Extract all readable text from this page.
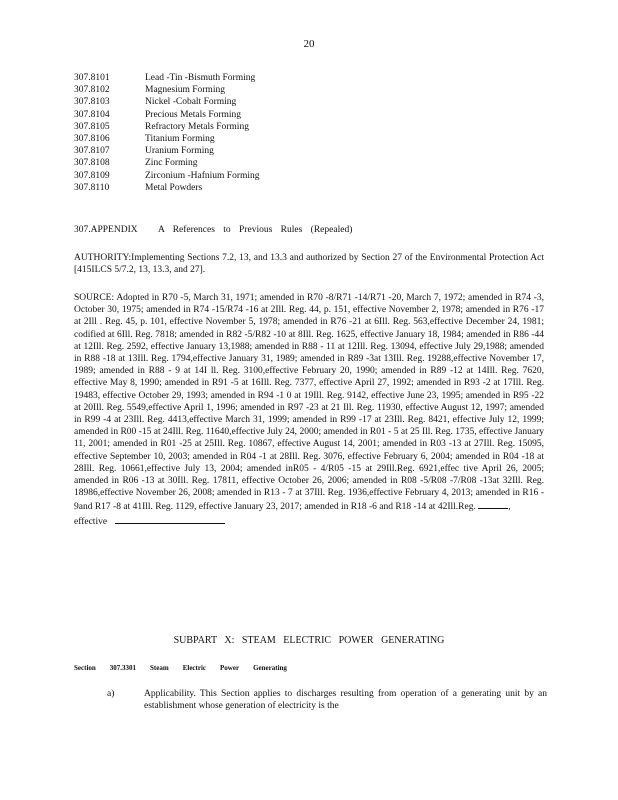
20
307.8101	Lead -Tin -Bismuth Forming
307.8102	Magnesium Forming
307.8103	Nickel -Cobalt Forming
307.8104	Precious Metals Forming
307.8105	Refractory Metals Forming
307.8106	Titanium Forming
307.8107	Uranium Forming
307.8108	Zinc Forming
307.8109	Zirconium -Hafnium Forming
307.8110	Metal Powders
307.APPENDIX	A References to Previous Rules (Repealed)
AUTHORITY:Implementing Sections 7.2, 13, and 13.3 and authorized by Section 27 of the Environmental Protection Act [415ILCS 5/7.2, 13, 13.3, and 27].
SOURCE: Adopted in R70 -5, March 31, 1971; amended in R70 -8/R71 -14/R71 -20, March 7, 1972; amended in R74 -3, October 30, 1975; amended in R74 -15/R74 -16 at 2Ill. Reg. 44, p. 151, effective November 2, 1978; amended in R76 -17 at 2Ill . Reg. 45, p. 101, effective November 5, 1978; amended in R76 -21 at 6Ill. Reg. 563,effective December 24, 1981; codified at 6Ill. Reg. 7818; amended in R82 -5/R82 -10 at 8Ill. Reg. 1625, effective January 18, 1984; amended in R86 -44 at 12Ill. Reg. 2592, effective January 13,1988; amended in R88 - 11 at 12Ill. Reg. 13094, effective July 29,1988; amended in R88 -18 at 13Ill. Reg. 1794,effective January 31, 1989; amended in R89 -3at 13Ill. Reg. 19288,effective November 17, 1989; amended in R88 - 9 at 14I ll. Reg. 3100,effective February 20, 1990; amended in R89 -12 at 14Ill. Reg. 7620, effective May 8, 1990; amended in R91 -5 at 16Ill. Reg. 7377, effective April 27, 1992; amended in R93 -2 at 17Ill. Reg. 19483, effective October 29, 1993; amended in R94 -1 0 at 19Ill. Reg. 9142, effective June 23, 1995; amended in R95 -22 at 20Ill. Reg. 5549,effective April 1, 1996; amended in R97 -23 at 21 Ill. Reg. 11930, effective August 12, 1997; amended in R99 -4 at 23Ill. Reg. 4413,effective March 31, 1999; amended in R99 -17 at 23Ill. Reg. 8421, effective July 12, 1999; amended in R00 -15 at 24Ill. Reg. 11640,effective July 24, 2000; amended in R01 - 5 at 25 Ill. Reg. 1735, effective January 11, 2001; amended in R01 -25 at 25Ill. Reg. 10867, effective August 14, 2001; amended in R03 -13 at 27Ill. Reg. 15095, effective September 10, 2003; amended in R04 -1 at 28Ill. Reg. 3076, effective February 6, 2004; amended in R04 -18 at 28Ill. Reg. 10661,effective July 13, 2004; amended inR05 - 4/R05 -15 at 29Ill.Reg. 6921,effec tive April 26, 2005; amended in R06 -13 at 30Ill. Reg. 17811, effective October 26, 2006; amended in R08 -5/R08 -7/R08 -13at 32Ill. Reg. 18986,effective November 26, 2008; amended in R13 - 7 at 37Ill. Reg. 1936,effective February 4, 2013; amended in R16 - 9and R17 -8 at 41Ill. Reg. 1129, effective January 23, 2017; amended in R18 -6 and R18 -14 at 42Ill.Reg.	,
effective
SUBPART X: STEAM ELECTRIC POWER GENERATING
Section 307.3301 Steam Electric Power Generating
a)	Applicability. This Section applies to discharges resulting from operation of a generating unit by an establishment whose generation of electricity is the
